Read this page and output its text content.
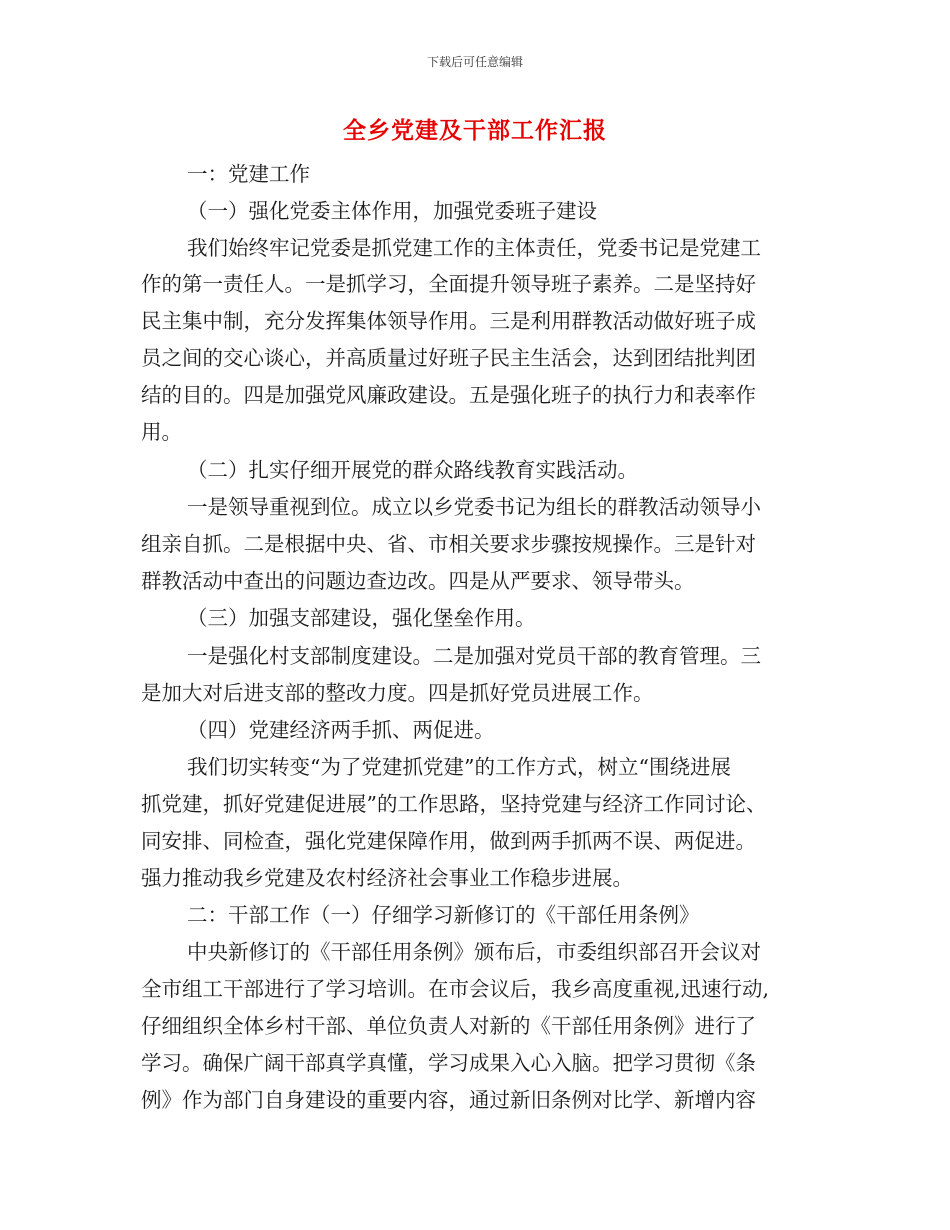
下载后可任意编辑
全乡党建及干部工作汇报
一：党建工作
（一）强化党委主体作用，加强党委班子建设
我们始终牢记党委是抓党建工作的主体责任，党委书记是党建工
作的第一责任人。一是抓学习，全面提升领导班子素养。二是坚持好
民主集中制，充分发挥集体领导作用。三是利用群教活动做好班子成
员之间的交心谈心，并高质量过好班子民主生活会，达到团结批判团
结的目的。四是加强党风廉政建设。五是强化班子的执行力和表率作
用。
（二）扎实仔细开展党的群众路线教育实践活动。
一是领导重视到位。成立以乡党委书记为组长的群教活动领导小
组亲自抓。二是根据中央、省、市相关要求步骤按规操作。三是针对
群教活动中查出的问题边查边改。四是从严要求、领导带头。
（三）加强支部建设，强化堡垒作用。
一是强化村支部制度建设。二是加强对党员干部的教育管理。三
是加大对后进支部的整改力度。四是抓好党员进展工作。
（四）党建经济两手抓、两促进。
我们切实转变“为了党建抓党建”的工作方式，树立“围绕进展
抓党建，抓好党建促进展”的工作思路，坚持党建与经济工作同讨论、
同安排、同检查，强化党建保障作用，做到两手抓两不误、两促进。
强力推动我乡党建及农村经济社会事业工作稳步进展。
二：干部工作（一）仔细学习新修订的《干部任用条例》
中央新修订的《干部任用条例》颁布后，市委组织部召开会议对
全市组工干部进行了学习培训。在市会议后，我乡高度重视,迅速行动,
仔细组织全体乡村干部、单位负责人对新的《干部任用条例》进行了
学习。确保广阔干部真学真懂，学习成果入心入脑。把学习贯彻《条
例》作为部门自身建设的重要内容，通过新旧条例对比学、新增内容
